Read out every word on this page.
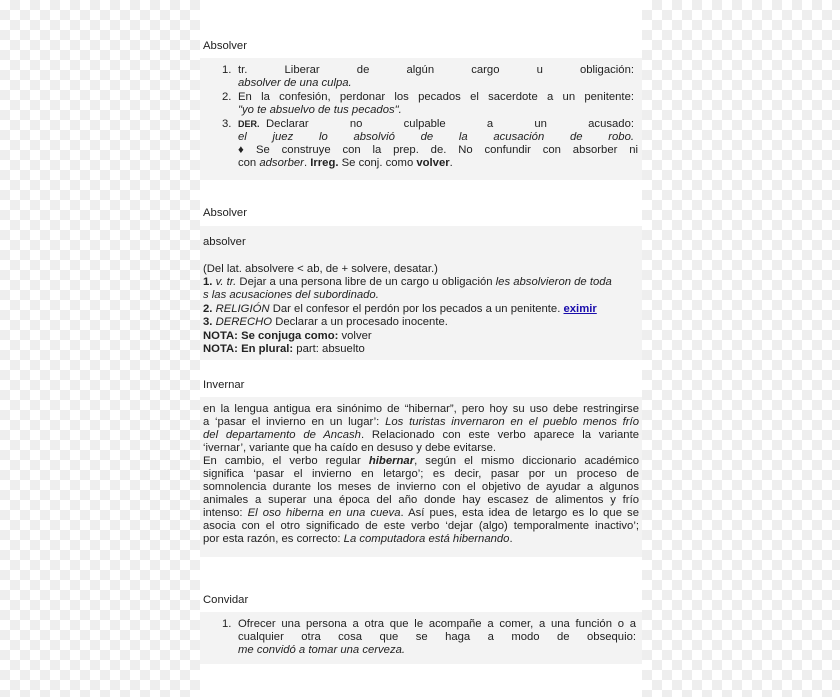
Absolver
1. tr. Liberar de algún cargo u obligación:
absolver de una culpa.
2. En la confesión, perdonar los pecados el sacerdote a un penitente:
"yo te absuelvo de tus pecados".
3. DER. Declarar no culpable a un acusado:
el juez lo absolvió de la acusación de robo.
♦ Se construye con la prep. de. No confundir con absorber ni
con adsorber. Irreg. Se conj. como volver.
Absolver
absolver
(Del lat. absolvere < ab, de + solvere, desatar.)
1. v. tr. Dejar a una persona libre de un cargo u obligación les absolvieron de toda
s las acusaciones del subordinado.
2. RELIGIÓN Dar el confesor el perdón por los pecados a un penitente. eximir
3. DERECHO Declarar a un procesado inocente.
NOTA: Se conjuga como: volver
NOTA: En plural: part: absuelto
Invernar
en la lengua antigua era sinónimo de “hibernar”, pero hoy su uso debe restringirse
a ‘pasar el invierno en un lugar’: Los turistas invernaron en el pueblo menos frío
del departamento de Ancash. Relacionado con este verbo aparece la variante
‘ivernar’, variante que ha caído en desuso y debe evitarse.
En cambio, el verbo regular hibernar, según el mismo diccionario académico
significa ‘pasar el invierno en letargo’; es decir, pasar por un proceso de
somnolencia durante los meses de invierno con el objetivo de ayudar a algunos
animales a superar una época del año donde hay escasez de alimentos y frío
intenso: El oso hiberna en una cueva. Así pues, esta idea de letargo es lo que se
asocia con el otro significado de este verbo ‘dejar (algo) temporalmente inactivo’;
por esta razón, es correcto: La computadora está hibernando.
Convidar
1. Ofrecer una persona a otra que le acompañe a comer, a una función o a
cualquier otra cosa que se haga a modo de obsequio:
me convidó a tomar una cerveza.
